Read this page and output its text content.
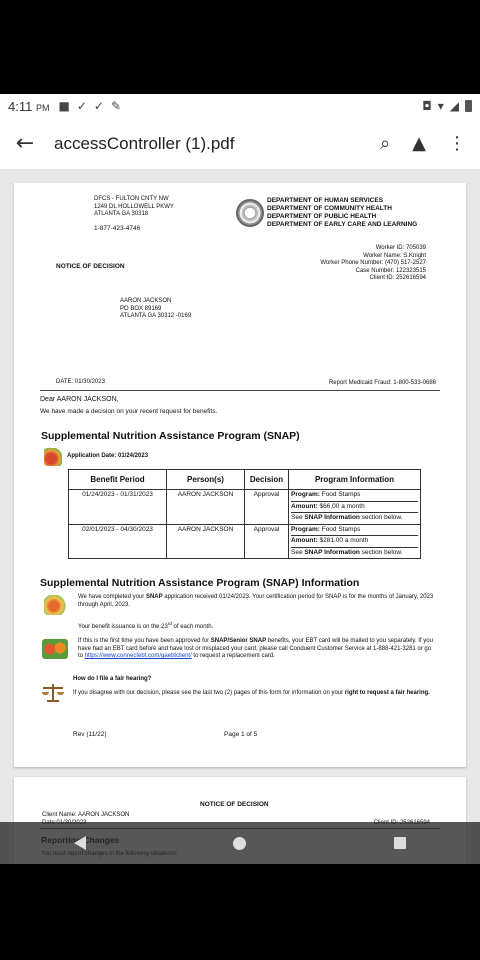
4:11 PM ■ ✓ ✓ ✎	◘ ▾ ◢
←	accessController (1).pdf	⌕ ▲ ⋮
DFCS - FULTON CNTY NW
1249 DL HOLLOWELL PKWY
ATLANTA GA 30318
1-877-423-4746
DEPARTMENT OF HUMAN SERVICES
DEPARTMENT OF COMMUNITY HEALTH
DEPARTMENT OF PUBLIC HEALTH
DEPARTMENT OF EARLY CARE AND LEARNING
Worker ID: 705039
Worker Name: S.Knight
Worker Phone Number: (470) 517-2527
Case Number: 122323515
Client ID: 252616594
NOTICE OF DECISION
AARON JACKSON
PO BOX 89169
ATLANTA GA 30312 -0169
DATE: 01/30/2023	Report Medicaid Fraud: 1-800-533-0686
Dear AARON JACKSON,
We have made a decision on your recent request for benefits.
Supplemental Nutrition Assistance Program (SNAP)
Application Date: 01/24/2023
Benefit Period	Person(s)	Decision	Program Information
01/24/2023 - 01/31/2023	AARON JACKSON	Approval	Program: Food Stamps
Amount: $66.00 a month
See SNAP Information section below.

02/01/2023 - 04/30/2023	AARON JACKSON	Approval	Program: Food Stamps
Amount: $281.00 a month
See SNAP Information section below.
Supplemental Nutrition Assistance Program (SNAP) Information
We have completed your SNAP application received 01/24/2023. Your certification period for SNAP is for the months of January, 2023 through April, 2023.
Your benefit issuance is on the 23rd of each month.
If this is the first time you have been approved for SNAP/Senior SNAP benefits, your EBT card will be mailed to you separately. If you have had an EBT card before and have lost or misplaced your card, please call Conduent Customer Service at 1-888-421-3281 or go to https://www.connectebt.com/gaebtclient/ to request a replacement card.
How do I file a fair hearing?
If you disagree with our decision, please see the last two (2) pages of this form for information on your right to request a fair hearing.
Rev (11/22)	Page 1 of 5
NOTICE OF DECISION
Client Name: AARON JACKSON
